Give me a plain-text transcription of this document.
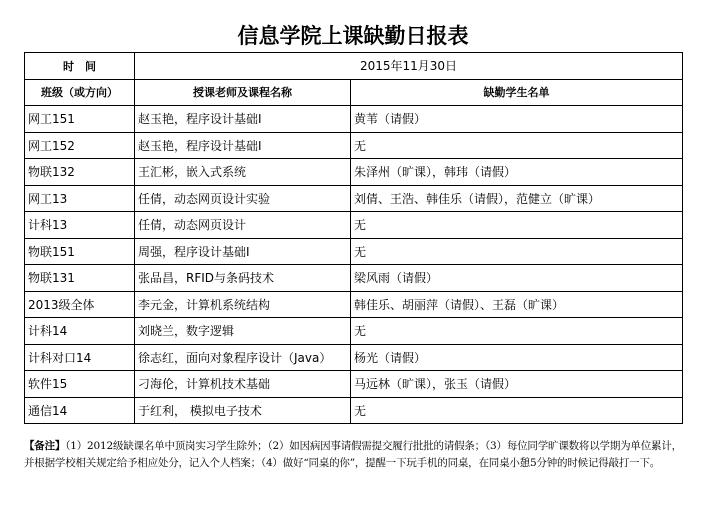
信息学院上课缺勤日报表
时　间	2015年11月30日	
班级（或方向）	授课老师及课程名称	缺勤学生名单
网工151	赵玉艳，程序设计基础I	黄苇（请假）
网工152	赵玉艳，程序设计基础I	无
物联132	王汇彬，嵌入式系统	朱泽州（旷课），韩玮（请假）
网工13	任倩，动态网页设计实验	刘倩、王浩、韩佳乐（请假），范健立（旷课）
计科13	任倩，动态网页设计	无
物联151	周强，程序设计基础I	无
物联131	张品昌，RFID与条码技术	梁风雨（请假）
2013级全体	李元金，计算机系统结构	韩佳乐、胡丽萍（请假）、王磊（旷课）
计科14	刘晓兰，数字逻辑	无
计科对口14	徐志红，面向对象程序设计（Java）	杨光（请假）
软件15	刁海伦，计算机技术基础	马远林（旷课），张玉（请假）
通信14	于红利， 模拟电子技术	无
【备注】（1）2012级缺课名单中顶岗实习学生除外；（2）如因病因事请假需提交履行批批的请假条；（3）每位同学旷课数将以学期为单位累计，并根据学校相关规定给予相应处分，记入个人档案；（4）做好“同桌的你”，提醒一下玩手机的同桌，在同桌小憩5分钟的时候记得敲打一下。
